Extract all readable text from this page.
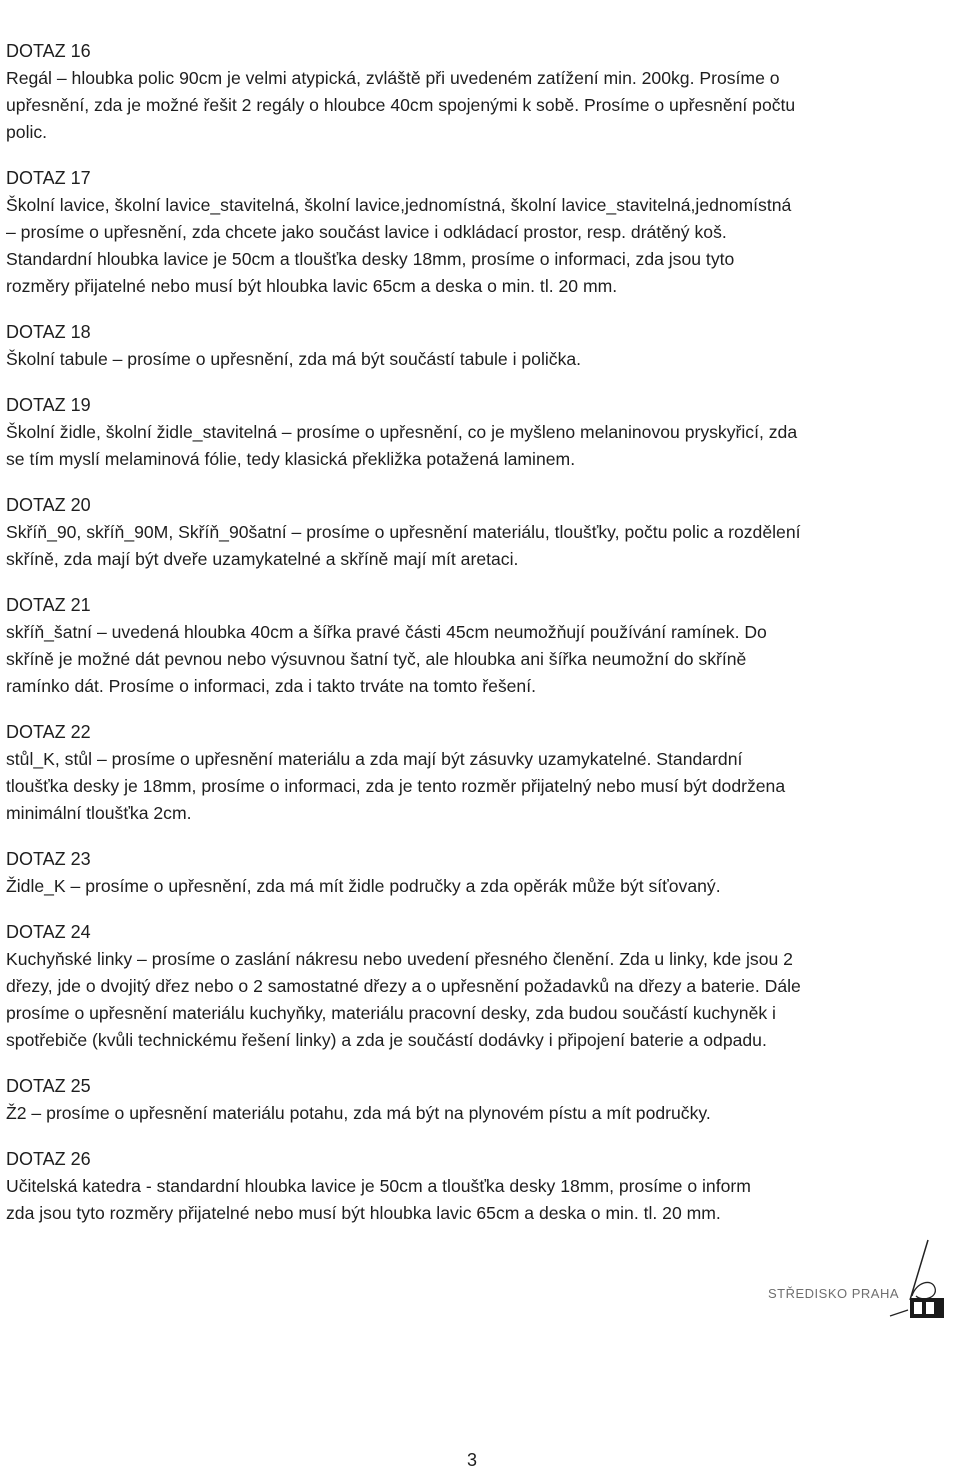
DOTAZ 16
Regál – hloubka polic 90cm je velmi atypická, zvláště při uvedeném zatížení min. 200kg. Prosíme o
upřesnění, zda je možné řešit 2 regály o hloubce 40cm spojenými k sobě. Prosíme o upřesnění počtu
polic.
DOTAZ 17
Školní lavice, školní lavice_stavitelná, školní lavice,jednomístná, školní lavice_stavitelná,jednomístná
– prosíme o upřesnění, zda chcete jako součást lavice i odkládací prostor, resp. drátěný koš.
Standardní hloubka lavice je 50cm a tloušťka desky 18mm, prosíme o informaci, zda jsou tyto
rozměry přijatelné nebo musí být hloubka lavic 65cm a deska o min. tl. 20 mm.
DOTAZ 18
Školní tabule – prosíme o upřesnění, zda má být součástí tabule i polička.
DOTAZ 19
Školní židle, školní židle_stavitelná – prosíme o upřesnění, co je myšleno melaninovou pryskyřicí, zda
se tím myslí melaminová fólie, tedy klasická překližka potažená laminem.
DOTAZ 20
Skříň_90, skříň_90M, Skříň_90šatní – prosíme o upřesnění materiálu, tloušťky, počtu polic a rozdělení
skříně, zda mají být dveře uzamykatelné a skříně mají mít aretaci.
DOTAZ 21
skříň_šatní – uvedená hloubka 40cm a šířka pravé části 45cm neumožňují používání ramínek. Do
skříně je možné dát pevnou nebo výsuvnou šatní tyč, ale hloubka ani šířka neumožní do skříně
ramínko dát. Prosíme o informaci, zda i takto trváte na tomto řešení.
DOTAZ 22
stůl_K, stůl – prosíme o upřesnění materiálu a zda mají být zásuvky uzamykatelné. Standardní
tloušťka desky je 18mm, prosíme o informaci, zda je tento rozměr přijatelný nebo musí být dodržena
minimální tloušťka 2cm.
DOTAZ 23
Židle_K – prosíme o upřesnění, zda má mít židle područky a zda opěrák může být síťovaný.
DOTAZ 24
Kuchyňské linky – prosíme o zaslání nákresu nebo uvedení přesného členění. Zda u linky, kde jsou 2
dřezy, jde o dvojitý dřez nebo o 2 samostatné dřezy a o upřesnění požadavků na dřezy a baterie. Dále
prosíme o upřesnění materiálu kuchyňky, materiálu pracovní desky, zda budou součástí kuchyněk i
spotřebiče (kvůli technickému řešení linky) a zda je součástí dodávky i připojení baterie a odpadu.
DOTAZ 25
Ž2 – prosíme o upřesnění materiálu potahu, zda má být na plynovém pístu a mít područky.
DOTAZ 26
Učitelská katedra - standardní hloubka lavice je 50cm a tloušťka desky 18mm, prosíme o inform
zda jsou tyto rozměry přijatelné nebo musí být hloubka lavic 65cm a deska o min. tl. 20 mm.
STŘEDISKO PRAHA
3
